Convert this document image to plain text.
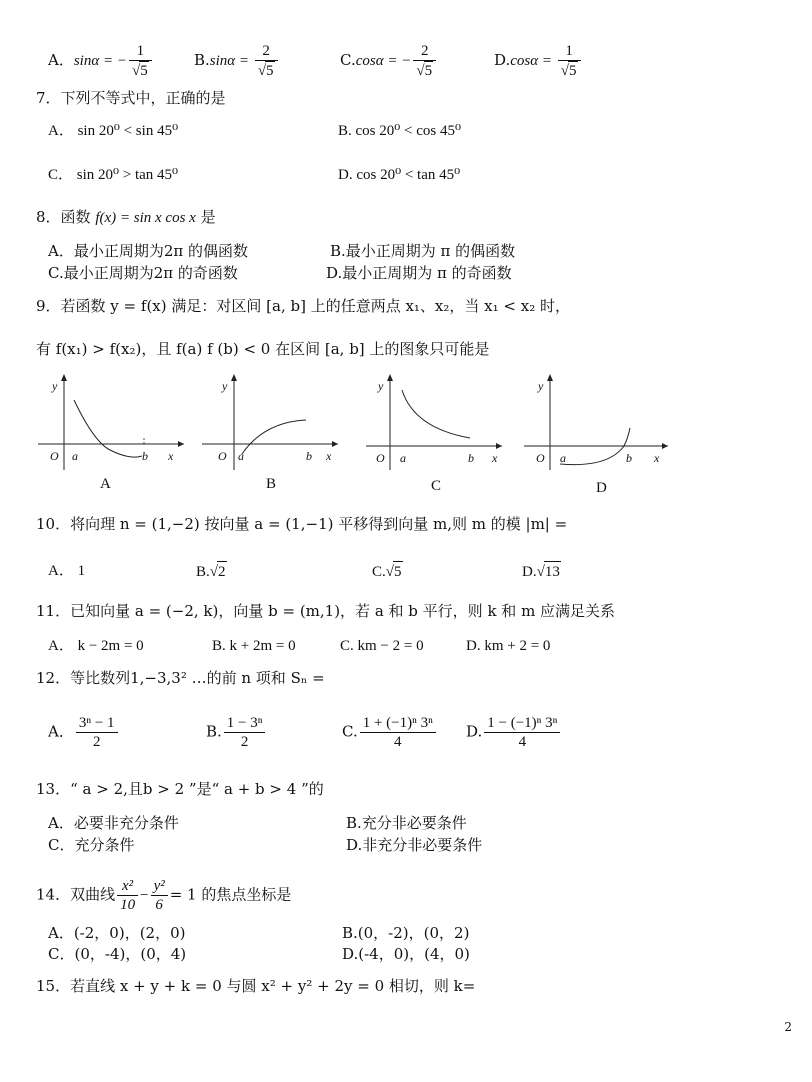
A．sinα = − $\frac{1}{√5}$	$B.\sin\alpha = \frac{2}{√5}$	C.cosα = − $\frac{2}{√5}$	$D.\cos\alpha = \frac{1}{√5}$
7．下列不等式中，正确的是
A． sin 20⁰ < sin 45⁰	B. cos 20⁰ < cos 45⁰
C． sin 20⁰ > tan 45⁰	D. cos 20⁰ < tan 45⁰
8．函数 f(x) = sin x cos x 是
A．最小正周期为2π 的偶函数	B.最小正周期为 π 的偶函数
C.最小正周期为2π 的奇函数	D.最小正周期为 π 的奇函数
9．若函数 y = f(x) 满足：对区间 [a, b] 上的任意两点 x₁、x₂，当 x₁ < x₂ 时，
有 f(x₁) > f(x₂)，且 f(a) f (b) < 0 在区间 [a, b] 上的图象只可能是
y
O a	b x
A
y
O a	b x
B
y
O a	b x
C
y
O a	b x
D
10．将向理 n = (1,−2) 按向量 a = (1,−1) 平移得到向量 m,则 m 的模 |m| =
A． 1	B.√2	C.√5	D.√13
11．已知向量 a = (−2, k)，向量 b = (m,1)，若 a 和 b 平行，则 k 和 m 应满足关系
A． k − 2m = 0	B. k + 2m = 0	C. km − 2 = 0	D. km + 2 = 0
12．等比数列1,−3,3² …的前 n 项和 Sₙ =
A． $\frac{\text{3ⁿ − 1}}{2}$	B. $\frac{\text{1 − 3ⁿ}}{2}$	C. $\frac{\text{1 + (−1)ⁿ 3ⁿ}}{4} D$. $\frac{\text{1 − (−1)ⁿ 3ⁿ}}{4}$
13．“ a > 2,且b > 2 ”是“ a + b > 4 ”的
A．必要非充分条件	B.充分非必要条件
C．充分条件	D.非充分非必要条件
14．双曲线 $\frac{\text{x²}}{10} - \frac{\text{y²}}{6} = 1$ 的焦点坐标是
A．(-2，0)，(2，0)	B.(0，-2)，(0，2)
C．(0，-4)，(0，4)	D.(-4，0)，(4，0)
15．若直线 x + y + k = 0 与圆 x² + y² + 2y = 0 相切，则 k=
2
